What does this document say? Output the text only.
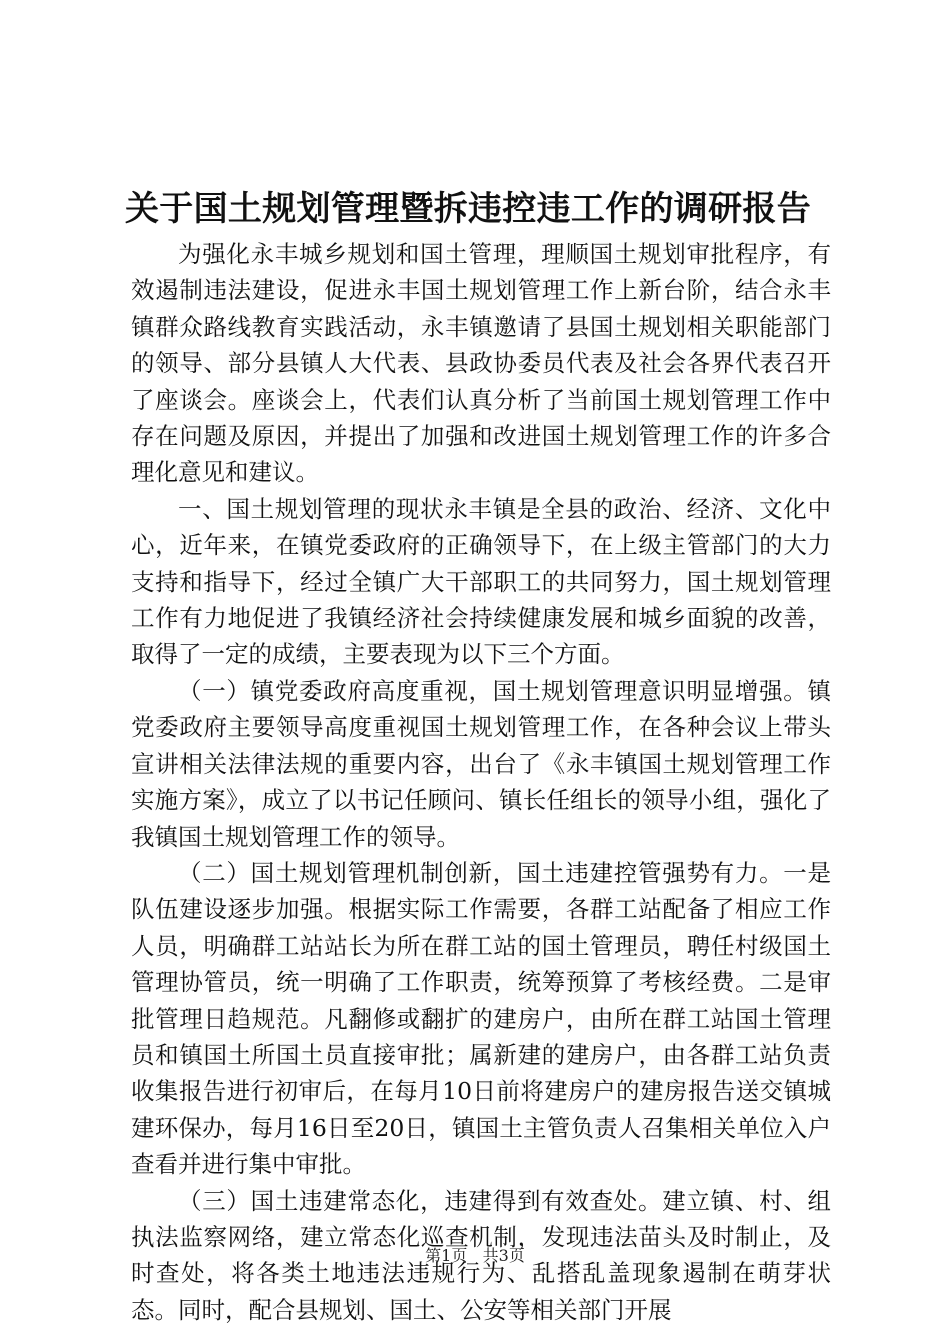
关于国土规划管理暨拆违控违工作的调研报告

为强化永丰城乡规划和国土管理，理顺国土规划审批程序，有效遏制违法建设，促进永丰国土规划管理工作上新台阶，结合永丰镇群众路线教育实践活动，永丰镇邀请了县国土规划相关职能部门的领导、部分县镇人大代表、县政协委员代表及社会各界代表召开了座谈会。座谈会上，代表们认真分析了当前国土规划管理工作中存在问题及原因，并提出了加强和改进国土规划管理工作的许多合理化意见和建议。

一、国土规划管理的现状永丰镇是全县的政治、经济、文化中心，近年来，在镇党委政府的正确领导下，在上级主管部门的大力支持和指导下，经过全镇广大干部职工的共同努力，国土规划管理工作有力地促进了我镇经济社会持续健康发展和城乡面貌的改善，取得了一定的成绩，主要表现为以下三个方面。

（一）镇党委政府高度重视，国土规划管理意识明显增强。镇党委政府主要领导高度重视国土规划管理工作，在各种会议上带头宣讲相关法律法规的重要内容，出台了《永丰镇国土规划管理工作实施方案》，成立了以书记任顾问、镇长任组长的领导小组，强化了我镇国土规划管理工作的领导。

（二）国土规划管理机制创新，国土违建控管强势有力。一是队伍建设逐步加强。根据实际工作需要，各群工站配备了相应工作人员，明确群工站站长为所在群工站的国土管理员，聘任村级国土管理协管员，统一明确了工作职责，统筹预算了考核经费。二是审批管理日趋规范。凡翻修或翻扩的建房户，由所在群工站国土管理员和镇国土所国土员直接审批；属新建的建房户，由各群工站负责收集报告进行初审后，在每月10日前将建房户的建房报告送交镇城建环保办，每月16日至20日，镇国土主管负责人召集相关单位入户查看并进行集中审批。

（三）国土违建常态化，违建得到有效查处。建立镇、村、组执法监察网络，建立常态化巡查机制，发现违法苗头及时制止，及时查处，将各类土地违法违规行为、乱搭乱盖现象遏制在萌芽状态。同时，配合县规划、国土、公安等相关部门开展

第1页 共3页
